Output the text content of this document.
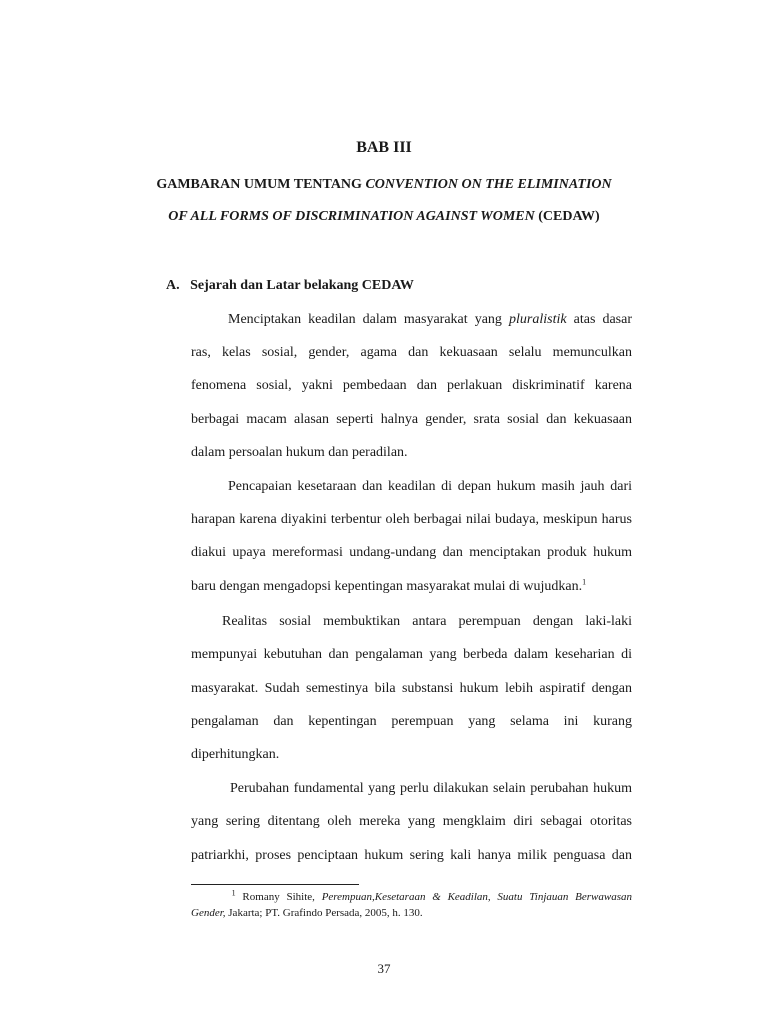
BAB III
GAMBARAN UMUM TENTANG CONVENTION ON THE ELIMINATION
OF ALL FORMS OF DISCRIMINATION AGAINST WOMEN (CEDAW)
A. Sejarah dan Latar belakang CEDAW
Menciptakan keadilan dalam masyarakat yang pluralistik atas dasar
ras, kelas sosial, gender, agama dan kekuasaan selalu memunculkan
fenomena sosial, yakni pembedaan dan perlakuan diskriminatif karena
berbagai macam alasan seperti halnya gender, srata sosial dan kekuasaan
dalam persoalan hukum dan peradilan.
Pencapaian kesetaraan dan keadilan di depan hukum masih jauh dari
harapan karena diyakini terbentur oleh berbagai nilai budaya, meskipun harus
diakui upaya mereformasi undang-undang dan menciptakan produk hukum
baru dengan mengadopsi kepentingan masyarakat mulai di wujudkan.$^1$
Realitas sosial membuktikan antara perempuan dengan laki-laki
mempunyai kebutuhan dan pengalaman yang berbeda dalam keseharian di
masyarakat. Sudah semestinya bila substansi hukum lebih aspiratif dengan
pengalaman dan kepentingan perempuan yang selama ini kurang
diperhitungkan.
Perubahan fundamental yang perlu dilakukan selain perubahan hukum
yang sering ditentang oleh mereka yang mengklaim diri sebagai otoritas
patriarkhi, proses penciptaan hukum sering kali hanya milik penguasa dan
$^1$ Romany Sihite, Perempuan,Kesetaraan & Keadilan, Suatu Tinjauan Berwawasan
Gender, Jakarta; PT. Grafindo Persada, 2005, h. 130.
37
